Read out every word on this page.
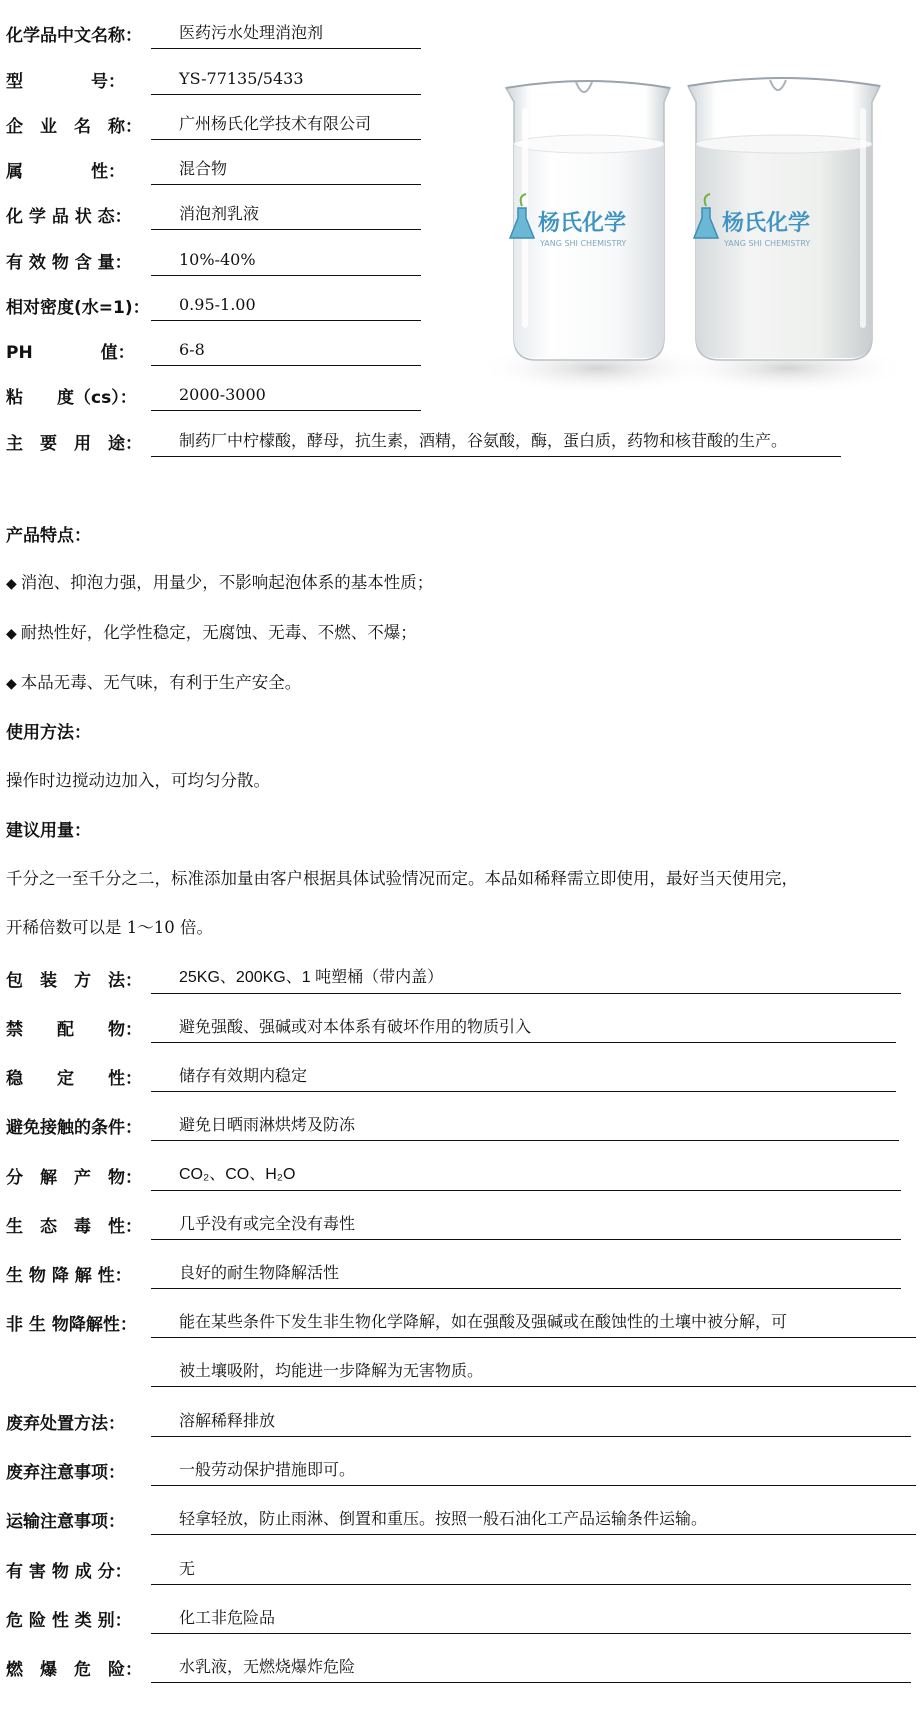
化学品中文名称：	医药污水处理消泡剂
型　　　　号：	YS-77135/5433
企　业　名　称：	广州杨氏化学技术有限公司
属　　　　性：	混合物
化 学 品 状 态：	消泡剂乳液
有 效 物 含 量：	10%-40%
相对密度(水=1)：	0.95-1.00
PH　　　　值：	6-8
粘　　度（cs）：	2000-3000
主　要　用　途：	制药厂中柠檬酸，酵母，抗生素，酒精，谷氨酸，酶，蛋白质，药物和核苷酸的生产。
杨氏化学
YANG SHI CHEMISTRY
杨氏化学
YANG SHI CHEMISTRY
产品特点：
◆ 消泡、抑泡力强，用量少，不影响起泡体系的基本性质；
◆ 耐热性好，化学性稳定，无腐蚀、无毒、不燃、不爆；
◆ 本品无毒、无气味，有利于生产安全。
使用方法：
操作时边搅动边加入，可均匀分散。
建议用量：
千分之一至千分之二，标准添加量由客户根据具体试验情况而定。本品如稀释需立即使用，最好当天使用完，
开稀倍数可以是 1～10 倍。
包　装　方　法：	25KG、200KG、1 吨塑桶（带内盖）
禁　　配　　物：	避免强酸、强碱或对本体系有破坏作用的物质引入
稳　　定　　性：	储存有效期内稳定
避免接触的条件：	避免日晒雨淋烘烤及防冻
分　解　产　物：	CO₂、CO、H₂O
生　态　毒　性：	几乎没有或完全没有毒性
生 物 降 解 性：	良好的耐生物降解活性
非 生 物降解性：	能在某些条件下发生非生物化学降解，如在强酸及强碱或在酸蚀性的土壤中被分解，可
被土壤吸附，均能进一步降解为无害物质。
废弃处置方法：	溶解稀释排放
废弃注意事项：	一般劳动保护措施即可。
运输注意事项：	轻拿轻放，防止雨淋、倒置和重压。按照一般石油化工产品运输条件运输。
有 害 物 成 分：	无
危 险 性 类 别：	化工非危险品
燃　爆　危　险：	水乳液，无燃烧爆炸危险
